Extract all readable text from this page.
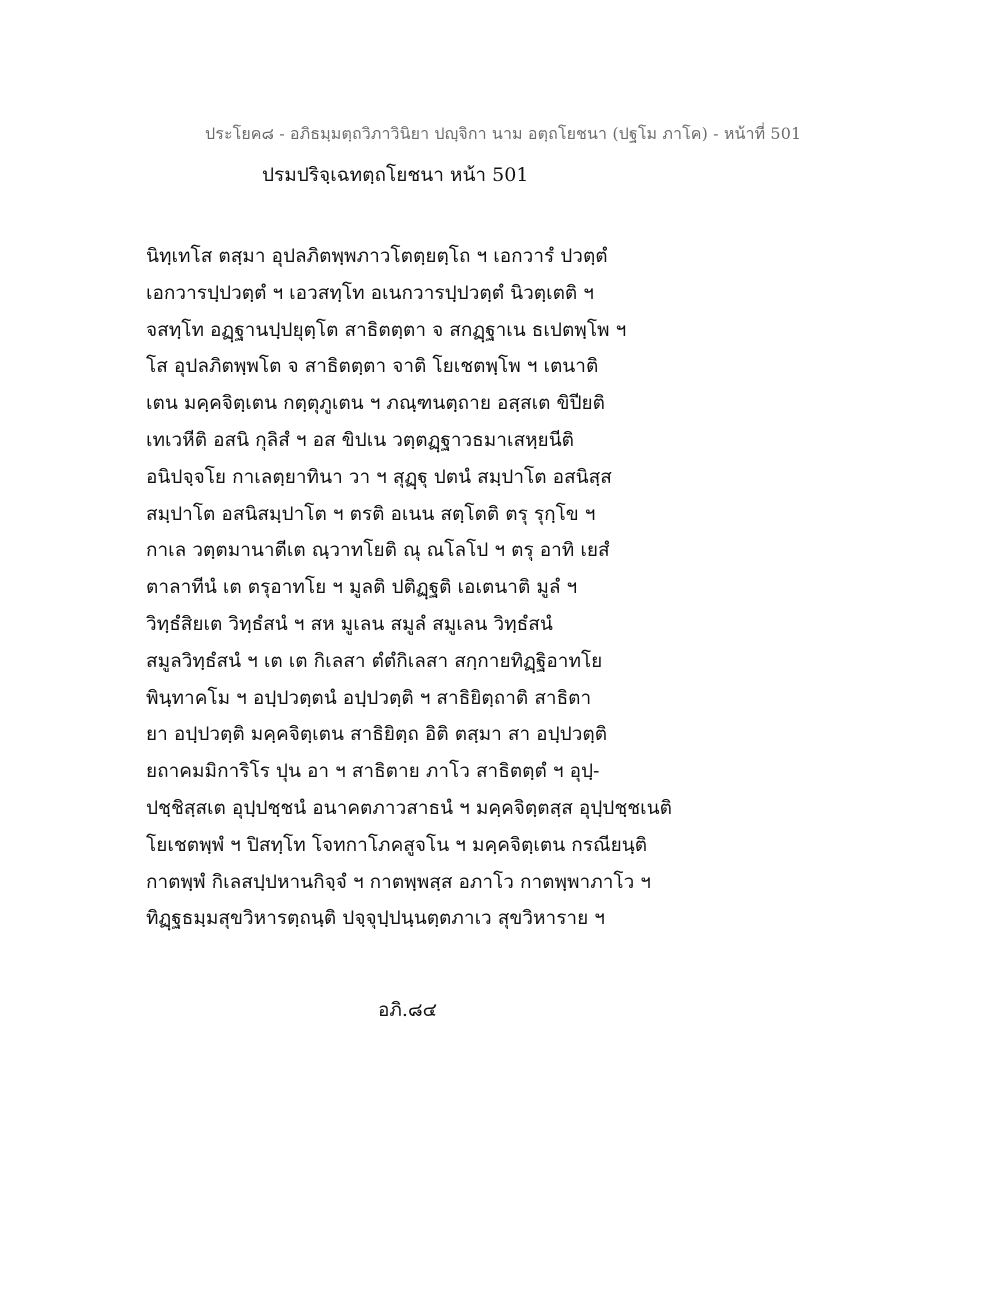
ประโยค๘ - อภิธมฺมตฺถวิภาวินิยา ปญฺจิกา นาม อตฺถโยชนา (ปฐโม ภาโค) - หน้าที่ 501
ปรมปริจฺเฉทตฺถโยชนา หน้า 501
นิทฺเทโส ตสฺมา อุปลภิตพฺพภาวโตตฺยตฺโถ ฯ เอกวารํ ปวตฺตํ
เอกวารปฺปวตฺตํ ฯ เอวสทฺโท อเนกวารปฺปวตฺตํ นิวตฺเตติ ฯ
จสทฺโท อฏฺฐานปฺปยุตฺโต สาธิตตฺตา จ สกฏฺฐาเน ธเปตพฺโพ ฯ
โส อุปลภิตพฺพโต จ สาธิตตฺตา จาติ โยเชตพฺโพ ฯ เตนาติ
เตน มคฺคจิตฺเตน กตฺตุภูเตน ฯ ภณฺฑนตฺถาย อสฺสเต ขิปียติ
เทเวหีติ อสนิ กุลิสํ ฯ อส ขิปเน วตฺตฏฺฐาวธมาเสหฺยนีติ
อนิปจฺจโย กาเลตฺยาทินา วา ฯ สุฏฺฐุ ปตนํ สมฺปาโต อสนิสฺส
สมฺปาโต อสนิสมฺปาโต ฯ ตรติ อเนน สตฺโตติ ตรุ รุกฺโข ฯ
กาเล วตฺตมานาตีเต ณฺวาทโยติ ณุ ณโลโป ฯ ตรุ อาทิ เยสํ
ตาลาทีนํ เต ตรุอาทโย ฯ มูลติ ปติฏฺฐติ เอเตนาติ มูลํ ฯ
วิทฺธํสิยเต วิทฺธํสนํ ฯ สห มูเลน สมูลํ สมูเลน วิทฺธํสนํ
สมูลวิทฺธํสนํ ฯ เต เต กิเลสา ตํตํกิเลสา สกฺกายทิฏฺฐิอาทโย
พินฺทาคโม ฯ อปฺปวตฺตนํ อปฺปวตฺติ ฯ สาธิยิตฺถาติ สาธิตา
ยา อปฺปวตฺติ มคฺคจิตฺเตน สาธิยิตฺถ อิติ ตสฺมา สา อปฺปวตฺติ
ยถาคมมิการิโร ปุน อา ฯ สาธิตาย ภาโว สาธิตตฺตํ ฯ อุปฺ-
ปชฺชิสฺสเต อุปฺปชฺชนํ อนาคตภาวสาธนํ ฯ มคฺคจิตฺตสฺส อุปฺปชฺชเนติ
โยเชตพฺพํ ฯ ปิสทฺโท โจทกาโภคสูจโน ฯ มคฺคจิตฺเตน กรณียนฺติ
กาตพฺพํ กิเลสปฺปหานกิจฺจํ ฯ กาตพฺพสฺส อภาโว กาตพฺพาภาโว ฯ
ทิฏฺฐธมฺมสุขวิหารตฺถนฺติ ปจฺจุปฺปนฺนตฺตภาเว สุขวิหาราย ฯ
อภิ.๘๔
